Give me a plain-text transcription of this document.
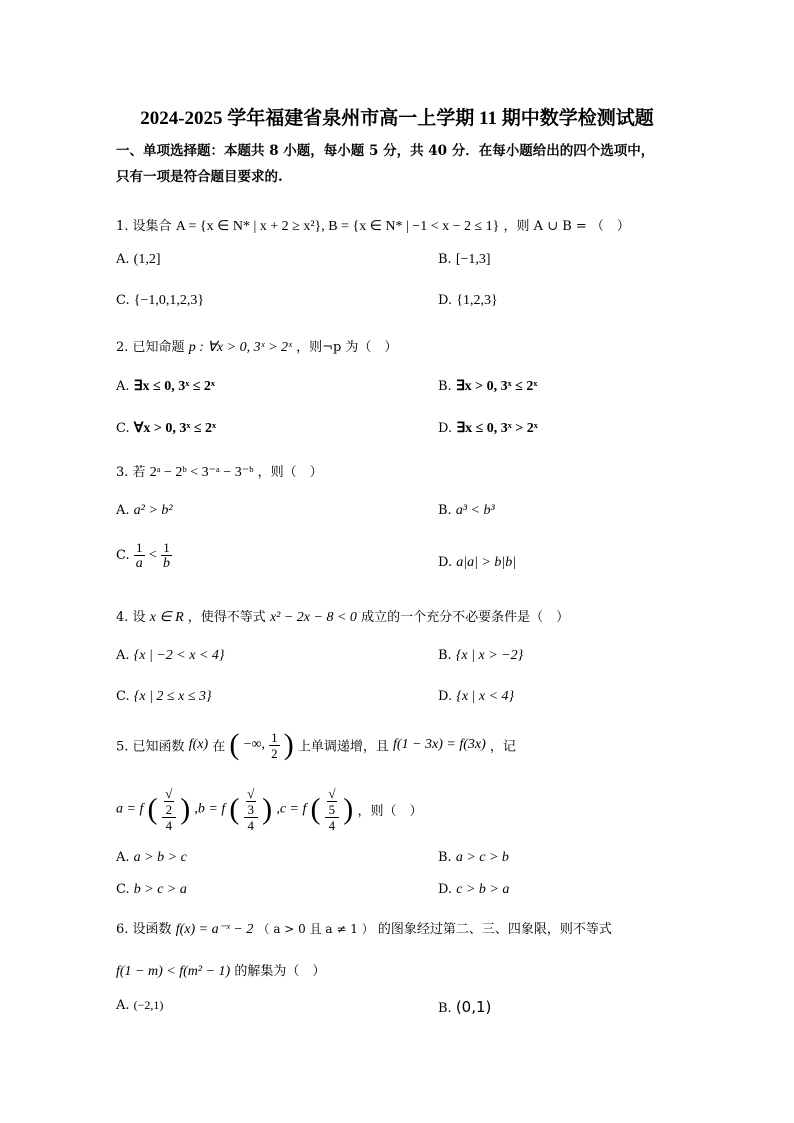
2024-2025 学年福建省泉州市高一上学期 11 期中数学检测试题
一、单项选择题：本题共 8 小题，每小题 5 分，共 40 分．在每小题给出的四个选项中，
只有一项是符合题目要求的.
1. 设集合 A = {x ∈ N* | x + 2 ≥ x²}, B = {x ∈ N* | −1 < x − 2 ≤ 1} ，则 A ∪ B = （　）
A. (1,2]	B. [−1,3]
C. {−1,0,1,2,3}	D. {1,2,3}
2. 已知命题 p : ∀x > 0, 3ˣ > 2ˣ ，则¬p 为（　）
A. ∃x ≤ 0, 3ˣ ≤ 2ˣ	B. ∃x > 0, 3ˣ ≤ 2ˣ
C. ∀x > 0, 3ˣ ≤ 2ˣ	D. ∃x ≤ 0, 3ˣ > 2ˣ
3. 若 2ᵃ − 2ᵇ < 3⁻ᵃ − 3⁻ᵇ ，则（　）
A. a² > b²	B. a³ < b³
C. $\frac{1}{a} < \frac{1}{b}$	D. a|a| > b|b|
4. 设 x ∈ R ，使得不等式 x² − 2x − 8 < 0 成立的一个充分不必要条件是（　）
A. {x | −2 < x < 4}	B. {x | x > −2}
C. {x | 2 ≤ x ≤ 3}	D. {x | x < 4}
5. 已知函数 f(x) 在 ( −∞, $\frac{1}{2}$ ) 上单调递增，且 f(1 − 3x) = f(3x) ，记
a = f ( √
2
4 ) ,b = f ( √
3
4 ) ,c = f ( √
5
4 ) ，则（　）
A. a > b > c	B. a > c > b
C. b > c > a	D. c > b > a
6. 设函数 f(x) = a⁻ˣ − 2 （ a > 0 且 a ≠ 1 ） 的图象经过第二、三、四象限，则不等式
f(1 − m) < f(m² − 1) 的解集为（　）
A. (−2,1)	B. (0,1)
